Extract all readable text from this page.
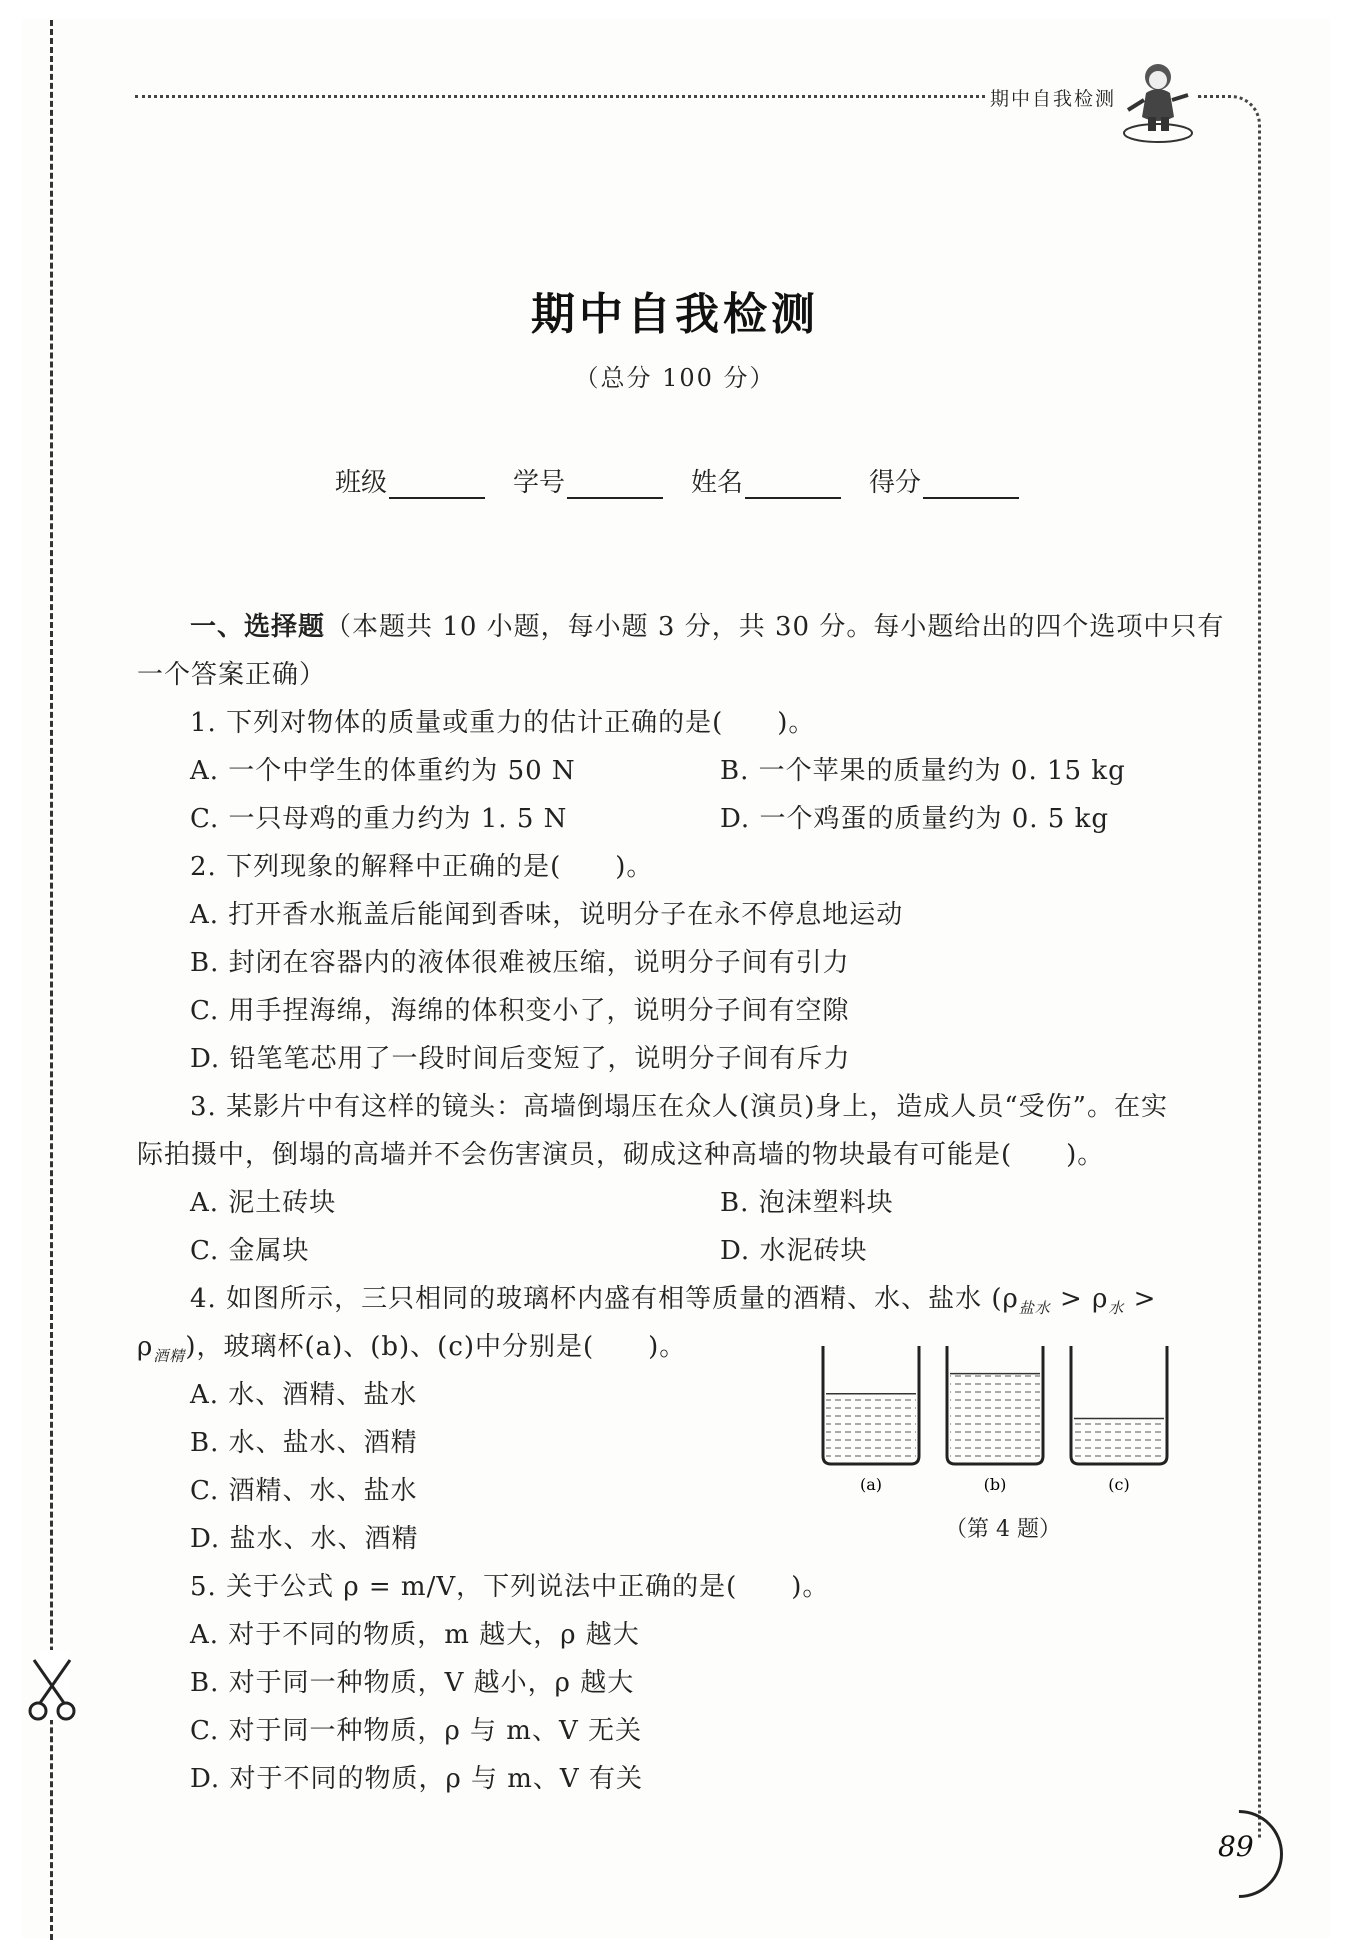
期中自我检测
89
期中自我检测
（总分 100 分）
班级	学号	姓名	得分
一、选择题（本题共 10 小题，每小题 3 分，共 30 分。每小题给出的四个选项中只有
一个答案正确）
1. 下列对物体的质量或重力的估计正确的是(　　)。
A. 一个中学生的体重约为 50 N	B. 一个苹果的质量约为 0. 15 kg
C. 一只母鸡的重力约为 1. 5 N	D. 一个鸡蛋的质量约为 0. 5 kg
2. 下列现象的解释中正确的是(　　)。
A. 打开香水瓶盖后能闻到香味，说明分子在永不停息地运动
B. 封闭在容器内的液体很难被压缩，说明分子间有引力
C. 用手捏海绵，海绵的体积变小了，说明分子间有空隙
D. 铅笔笔芯用了一段时间后变短了，说明分子间有斥力
3. 某影片中有这样的镜头：高墙倒塌压在众人(演员)身上，造成人员“受伤”。在实
际拍摄中，倒塌的高墙并不会伤害演员，砌成这种高墙的物块最有可能是(　　)。
A. 泥土砖块	B. 泡沫塑料块
C. 金属块	D. 水泥砖块
4. 如图所示，三只相同的玻璃杯内盛有相等质量的酒精、水、盐水 ($\rho_{盐水} > \rho_水$ >
$\rho_{酒精}$)，玻璃杯(a)、(b)、(c)中分别是(　　)。
A. 水、酒精、盐水
B. 水、盐水、酒精
C. 酒精、水、盐水
D. 盐水、水、酒精
(a)	(b)	(c)
（第 4 题）
5. 关于公式 ρ = m/V，下列说法中正确的是(　　)。
A. 对于不同的物质，m 越大，ρ 越大
B. 对于同一种物质，V 越小，ρ 越大
C. 对于同一种物质，ρ 与 m、V 无关
D. 对于不同的物质，ρ 与 m、V 有关
